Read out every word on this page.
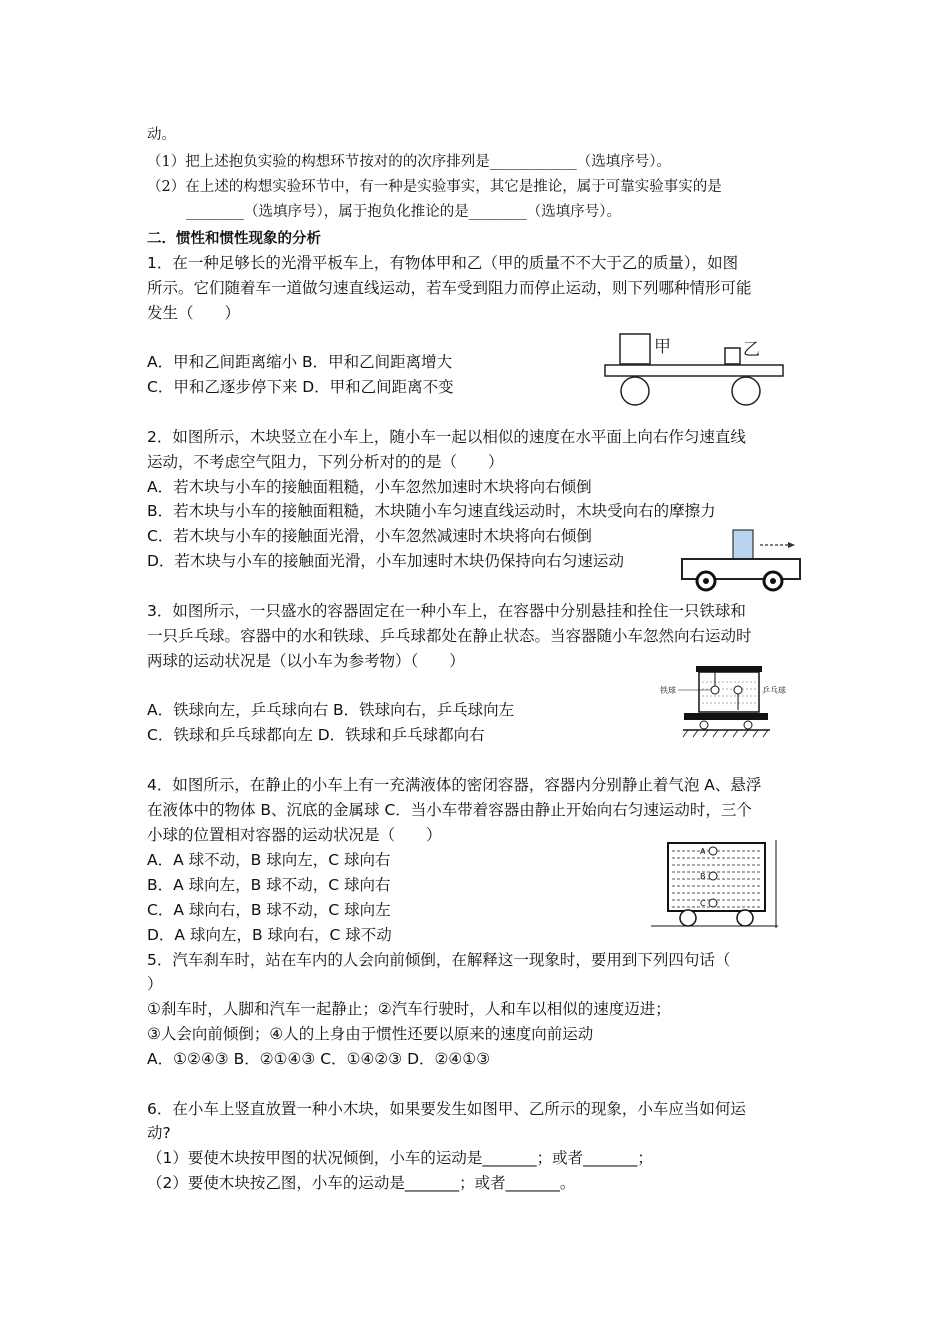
动。
（1）把上述抱负实验的构想环节按对的的次序排列是____________（选填序号）。
（2）在上述的构想实验环节中，有一种是实验事实，其它是推论，属于可靠实验事实的是
________（选填序号），属于抱负化推论的是________（选填序号）。
二．惯性和惯性现象的分析
1．在一种足够长的光滑平板车上，有物体甲和乙（甲的质量不不大于乙的质量），如图
所示。它们随着车一道做匀速直线运动，若车受到阻力而停止运动，则下列哪种情形可能
发生（　　）
A．甲和乙间距离缩小 B．甲和乙间距离增大
C．甲和乙逐步停下来 D．甲和乙间距离不变
甲	乙
2．如图所示，木块竖立在小车上，随小车一起以相似的速度在水平面上向右作匀速直线
运动，不考虑空气阻力，下列分析对的的是（　　）
A．若木块与小车的接触面粗糙，小车忽然加速时木块将向右倾倒
B．若木块与小车的接触面粗糙，木块随小车匀速直线运动时，木块受向右的摩擦力
C．若木块与小车的接触面光滑，小车忽然减速时木块将向右倾倒
D．若木块与小车的接触面光滑，小车加速时木块仍保持向右匀速运动
3．如图所示，一只盛水的容器固定在一种小车上，在容器中分别悬挂和拴住一只铁球和
一只乒乓球。容器中的水和铁球、乒乓球都处在静止状态。当容器随小车忽然向右运动时
两球的运动状况是（以小车为参考物）（　　）
A．铁球向左，乒乓球向右 B．铁球向右，乒乓球向左
C．铁球和乒乓球都向左 D．铁球和乒乓球都向右
铁球	乒乓球
4．如图所示，在静止的小车上有一充满液体的密闭容器，容器内分别静止着气泡 A、悬浮
在液体中的物体 B、沉底的金属球 C．当小车带着容器由静止开始向右匀速运动时，三个
小球的位置相对容器的运动状况是（　　）
A．A 球不动，B 球向左，C 球向右
B．A 球向左，B 球不动，C 球向右
C．A 球向右，B 球不动，C 球向左
D．A 球向左，B 球向右，C 球不动
A
B
C
5．汽车刹车时，站在车内的人会向前倾倒，在解释这一现象时，要用到下列四句话（
）
①刹车时，人脚和汽车一起静止；②汽车行驶时，人和车以相似的速度迈进；
③人会向前倾倒；④人的上身由于惯性还要以原来的速度向前运动
A．①②④③ B．②①④③ C．①④②③ D．②④①③
6．在小车上竖直放置一种小木块，如果要发生如图甲、乙所示的现象，小车应当如何运
动?
（1）要使木块按甲图的状况倾倒，小车的运动是_______；或者_______；
（2）要使木块按乙图，小车的运动是_______；或者_______。
